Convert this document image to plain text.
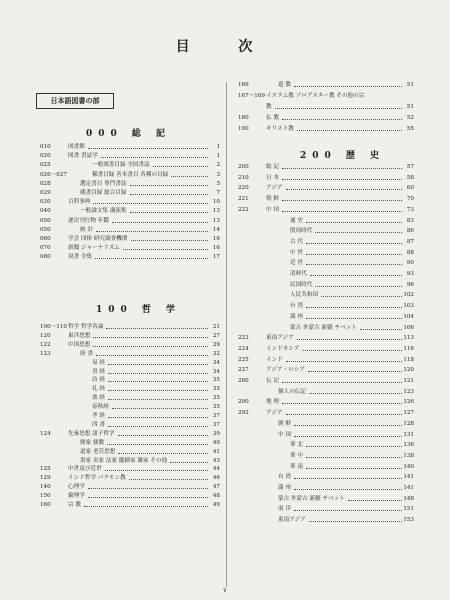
目 次
日本語図書の部
000 総 記
100 哲 学
200 歴 史
v
010	図書館	1
020	図書 書誌学	1
025	一般図書目録 全国書誌	2
026～027	稀書目録 善本書目 各種の目録	3
028	選定書目 専門書誌	5
029	蔵書目録 総合目録	7
030	百科事典	10
040	一般論文集 講演集	13
050	逐次刊行物 年鑑	13
050	統 計	14
060	学会 団体 研究調査機関	16
070	新聞 ジャーナリズム	16
080	双書 全集	17
100～110 哲学 哲学各論	21
120	東洋思想	27
122	中国思想	29
123	経 書	32
易 経	34
書 経	34
詩 経	35
礼 経	35
楽 経	35
春秋経	35
孝 経	37
四 書	37
124	先秦思想 諸子哲学	39
儒家 儒教	40
道家 老荘思想	41
墨家 名家 法家 縦横家 雑家 その他	43
125	中世及び近世	44
129	インド哲学 バラモン教	46
140	心理学	47
150	倫理学	48
160	宗 教	49
166	道 教	51
167～169 イスラム教 ゾロアスター教 その他の宗
教	51
180	仏 教	52
190	キリスト教	55
200	総 記	57
210	日 本	58
220	アジア	60
221	朝 鮮	70
222	中 国	73
通 史	83
殷周時代	86
古 代	87
中 世	88
近 世	90
清時代	93
民国時代	96
人民共和国	102
台 湾	103
満 州	104
蒙古 外蒙古 新疆 チベット	106
223	東南アジア	113
224	インドネシア	116
225	インド	118
227	アジア・ロシア	120
280	伝 記	121
個人の伝記	123
290	地 理	126
292	アジア	127
朝 鮮	128
中 国	131
華 北	136
華 中	138
華 南	140
台 湾	141
満 州	141
蒙古 外蒙古 新疆 チベット	148
南 洋	151
東南アジア	153
